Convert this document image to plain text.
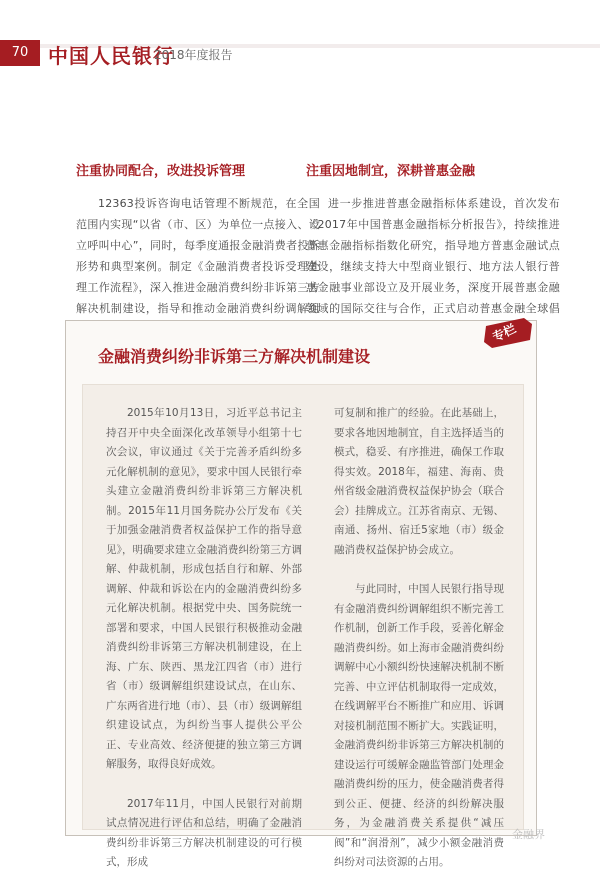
70 中国人民银行
2018年度报告

注重协同配合，改进投诉管理

12363投诉咨询电话管理不断规范，在全国范围内实现“以省（市、区）为单位一点接入、设立呼叫中心”，同时，每季度通报金融消费者投诉形势和典型案例。制定《金融消费者投诉受理处理工作流程》，深入推进金融消费纠纷非诉第三方解决机制建设，指导和推动金融消费纠纷调解组

注重因地制宜，深耕普惠金融

进一步推进普惠金融指标体系建设，首次发布《2017年中国普惠金融指标分析报告》，持续推进普惠金融指标指数化研究，指导地方普惠金融试点建设，继续支持大中型商业银行、地方法人银行普惠金融事业部设立及开展业务，深度开展普惠金融领域的国际交往与合作，正式启动普惠金融全球倡

专栏
金融消费纠纷非诉第三方解决机制建设

2015年10月13日，习近平总书记主持召开中央全面深化改革领导小组第十七次会议，审议通过《关于完善矛盾纠纷多元化解机制的意见》，要求中国人民银行牵头建立金融消费纠纷非诉第三方解决机制。2015年11月国务院办公厅发布《关于加强金融消费者权益保护工作的指导意见》，明确要求建立金融消费纠纷第三方调解、仲裁机制，形成包括自行和解、外部调解、仲裁和诉讼在内的金融消费纠纷多元化解决机制。根据党中央、国务院统一部署和要求，中国人民银行积极推动金融消费纠纷非诉第三方解决机制建设，在上海、广东、陕西、黑龙江四省（市）进行省（市）级调解组织建设试点，在山东、广东两省进行地（市）、县（市）级调解组织建设试点，为纠纷当事人提供公平公正、专业高效、经济便捷的独立第三方调解服务，取得良好成效。

2017年11月，中国人民银行对前期试点情况进行评估和总结，明确了金融消费纠纷非诉第三方解决机制建设的可行模式，形成

可复制和推广的经验。在此基础上，要求各地因地制宜，自主选择适当的模式，稳妥、有序推进，确保工作取得实效。2018年，福建、海南、贵州省级金融消费权益保护协会（联合会）挂牌成立。江苏省南京、无锡、南通、扬州、宿迁5家地（市）级金融消费权益保护协会成立。

与此同时，中国人民银行指导现有金融消费纠纷调解组织不断完善工作机制，创新工作手段，妥善化解金融消费纠纷。如上海市金融消费纠纷调解中心小额纠纷快速解决机制不断完善、中立评估机制取得一定成效，在线调解平台不断推广和应用、诉调对接机制范围不断扩大。实践证明，金融消费纠纷非诉第三方解决机制的建设运行可缓解金融监管部门处理金融消费纠纷的压力，使金融消费者得到公正、便捷、经济的纠纷解决服务，为金融消费关系提供“减压阀”和“润滑剂”，减少小额金融消费纠纷对司法资源的占用。

金融界
